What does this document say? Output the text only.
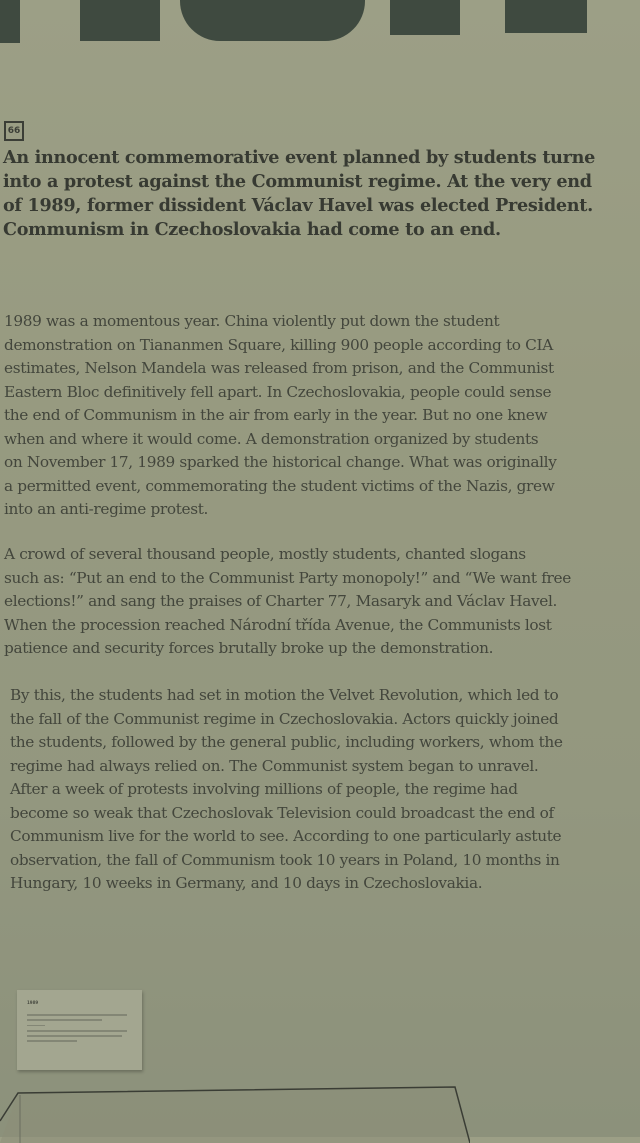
66
An innocent commemorative event planned by students turne
into a protest against the Communist regime. At the very end
of 1989, former dissident Václav Havel was elected President.
Communism in Czechoslovakia had come to an end.
1989 was a momentous year. China violently put down the student
demonstration on Tiananmen Square, killing 900 people according to CIA
estimates, Nelson Mandela was released from prison, and the Communist
Eastern Bloc definitively fell apart. In Czechoslovakia, people could sense
the end of Communism in the air from early in the year. But no one knew
when and where it would come. A demonstration organized by students
on November 17, 1989 sparked the historical change. What was originally
a permitted event, commemorating the student victims of the Nazis, grew
into an anti-regime protest.
A crowd of several thousand people, mostly students, chanted slogans
such as: “Put an end to the Communist Party monopoly!” and “We want free
elections!” and sang the praises of Charter 77, Masaryk and Václav Havel.
When the procession reached Národní třída Avenue, the Communists lost
patience and security forces brutally broke up the demonstration.
By this, the students had set in motion the Velvet Revolution, which led to
the fall of the Communist regime in Czechoslovakia. Actors quickly joined
the students, followed by the general public, including workers, whom the
regime had always relied on. The Communist system began to unravel.
After a week of protests involving millions of people, the regime had
become so weak that Czechoslovak Television could broadcast the end of
Communism live for the world to see. According to one particularly astute
observation, the fall of Communism took 10 years in Poland, 10 months in
Hungary, 10 weeks in Germany, and 10 days in Czechoslovakia.
1989
